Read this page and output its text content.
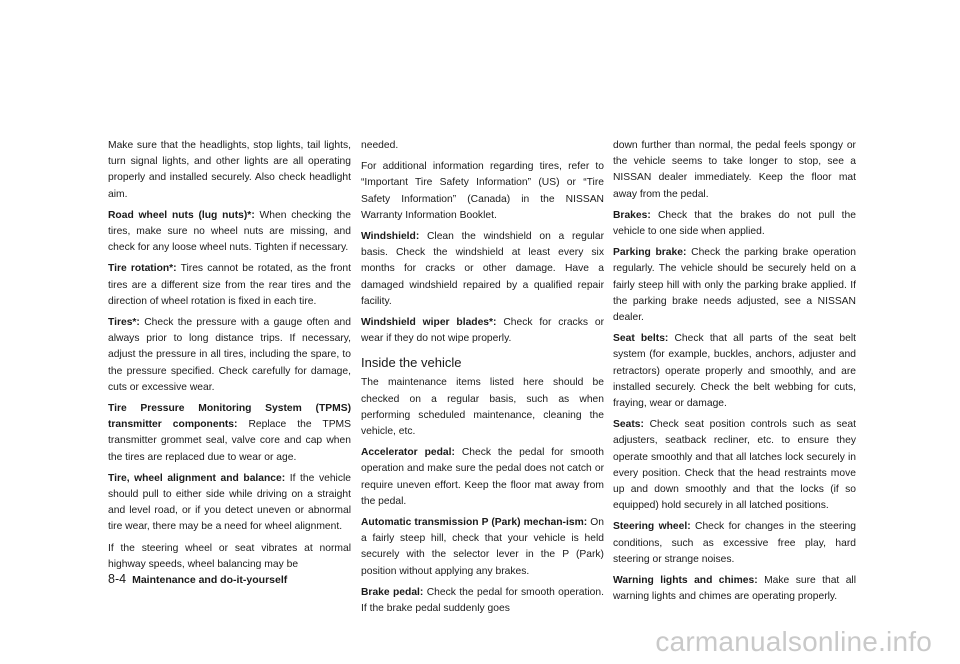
Make sure that the headlights, stop lights, tail lights, turn signal lights, and other lights are all operating properly and installed securely. Also check headlight aim.

Road wheel nuts (lug nuts)*: When checking the tires, make sure no wheel nuts are missing, and check for any loose wheel nuts. Tighten if necessary.

Tire rotation*: Tires cannot be rotated, as the front tires are a different size from the rear tires and the direction of wheel rotation is fixed in each tire.

Tires*: Check the pressure with a gauge often and always prior to long distance trips. If necessary, adjust the pressure in all tires, including the spare, to the pressure specified. Check carefully for damage, cuts or excessive wear.

Tire Pressure Monitoring System (TPMS) transmitter components: Replace the TPMS transmitter grommet seal, valve core and cap when the tires are replaced due to wear or age.

Tire, wheel alignment and balance: If the vehicle should pull to either side while driving on a straight and level road, or if you detect uneven or abnormal tire wear, there may be a need for wheel alignment.

If the steering wheel or seat vibrates at normal highway speeds, wheel balancing may be

needed.

For additional information regarding tires, refer to “Important Tire Safety Information” (US) or “Tire Safety Information” (Canada) in the NISSAN Warranty Information Booklet.

Windshield: Clean the windshield on a regular basis. Check the windshield at least every six months for cracks or other damage. Have a damaged windshield repaired by a qualified repair facility.

Windshield wiper blades*: Check for cracks or wear if they do not wipe properly.

Inside the vehicle

The maintenance items listed here should be checked on a regular basis, such as when performing scheduled maintenance, cleaning the vehicle, etc.

Accelerator pedal: Check the pedal for smooth operation and make sure the pedal does not catch or require uneven effort. Keep the floor mat away from the pedal.

Automatic transmission P (Park) mechan-ism: On a fairly steep hill, check that your vehicle is held securely with the selector lever in the P (Park) position without applying any brakes.

Brake pedal: Check the pedal for smooth operation. If the brake pedal suddenly goes

down further than normal, the pedal feels spongy or the vehicle seems to take longer to stop, see a NISSAN dealer immediately. Keep the floor mat away from the pedal.

Brakes: Check that the brakes do not pull the vehicle to one side when applied.

Parking brake: Check the parking brake operation regularly. The vehicle should be securely held on a fairly steep hill with only the parking brake applied. If the parking brake needs adjusted, see a NISSAN dealer.

Seat belts: Check that all parts of the seat belt system (for example, buckles, anchors, adjuster and retractors) operate properly and smoothly, and are installed securely. Check the belt webbing for cuts, fraying, wear or damage.

Seats: Check seat position controls such as seat adjusters, seatback recliner, etc. to ensure they operate smoothly and that all latches lock securely in every position. Check that the head restraints move up and down smoothly and that the locks (if so equipped) hold securely in all latched positions.

Steering wheel: Check for changes in the steering conditions, such as excessive free play, hard steering or strange noises.

Warning lights and chimes: Make sure that all warning lights and chimes are operating properly.

8-4 Maintenance and do-it-yourself
carmanualsonline.info
